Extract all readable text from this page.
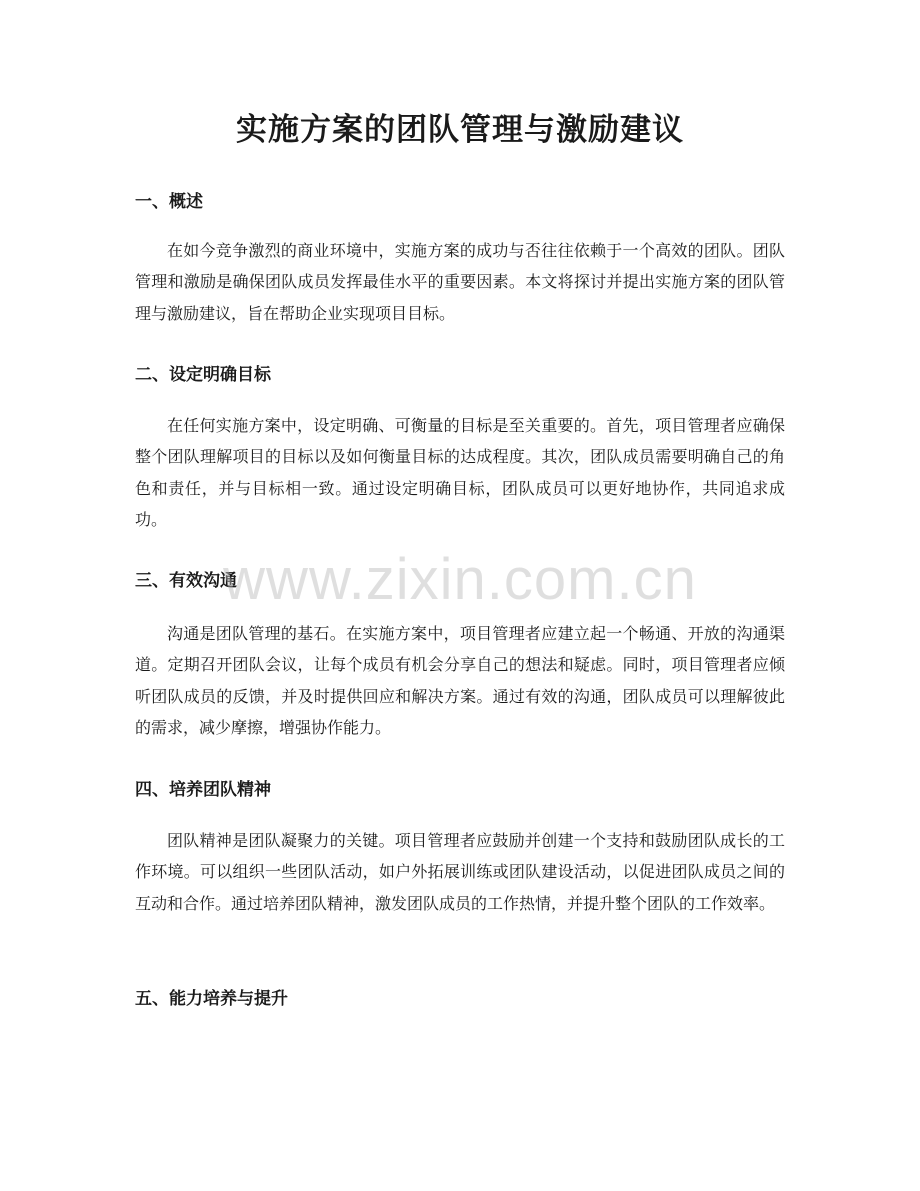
实施方案的团队管理与激励建议
一、概述

在如今竞争激烈的商业环境中，实施方案的成功与否往往依赖于一个高效的团队。团队管理和激励是确保团队成员发挥最佳水平的重要因素。本文将探讨并提出实施方案的团队管理与激励建议，旨在帮助企业实现项目目标。

二、设定明确目标

在任何实施方案中，设定明确、可衡量的目标是至关重要的。首先，项目管理者应确保整个团队理解项目的目标以及如何衡量目标的达成程度。其次，团队成员需要明确自己的角色和责任，并与目标相一致。通过设定明确目标，团队成员可以更好地协作，共同追求成功。

三、有效沟通

沟通是团队管理的基石。在实施方案中，项目管理者应建立起一个畅通、开放的沟通渠道。定期召开团队会议，让每个成员有机会分享自己的想法和疑虑。同时，项目管理者应倾听团队成员的反馈，并及时提供回应和解决方案。通过有效的沟通，团队成员可以理解彼此的需求，减少摩擦，增强协作能力。

四、培养团队精神

团队精神是团队凝聚力的关键。项目管理者应鼓励并创建一个支持和鼓励团队成长的工作环境。可以组织一些团队活动，如户外拓展训练或团队建设活动，以促进团队成员之间的互动和合作。通过培养团队精神，激发团队成员的工作热情，并提升整个团队的工作效率。

五、能力培养与提升
www.zixin.com.cn
